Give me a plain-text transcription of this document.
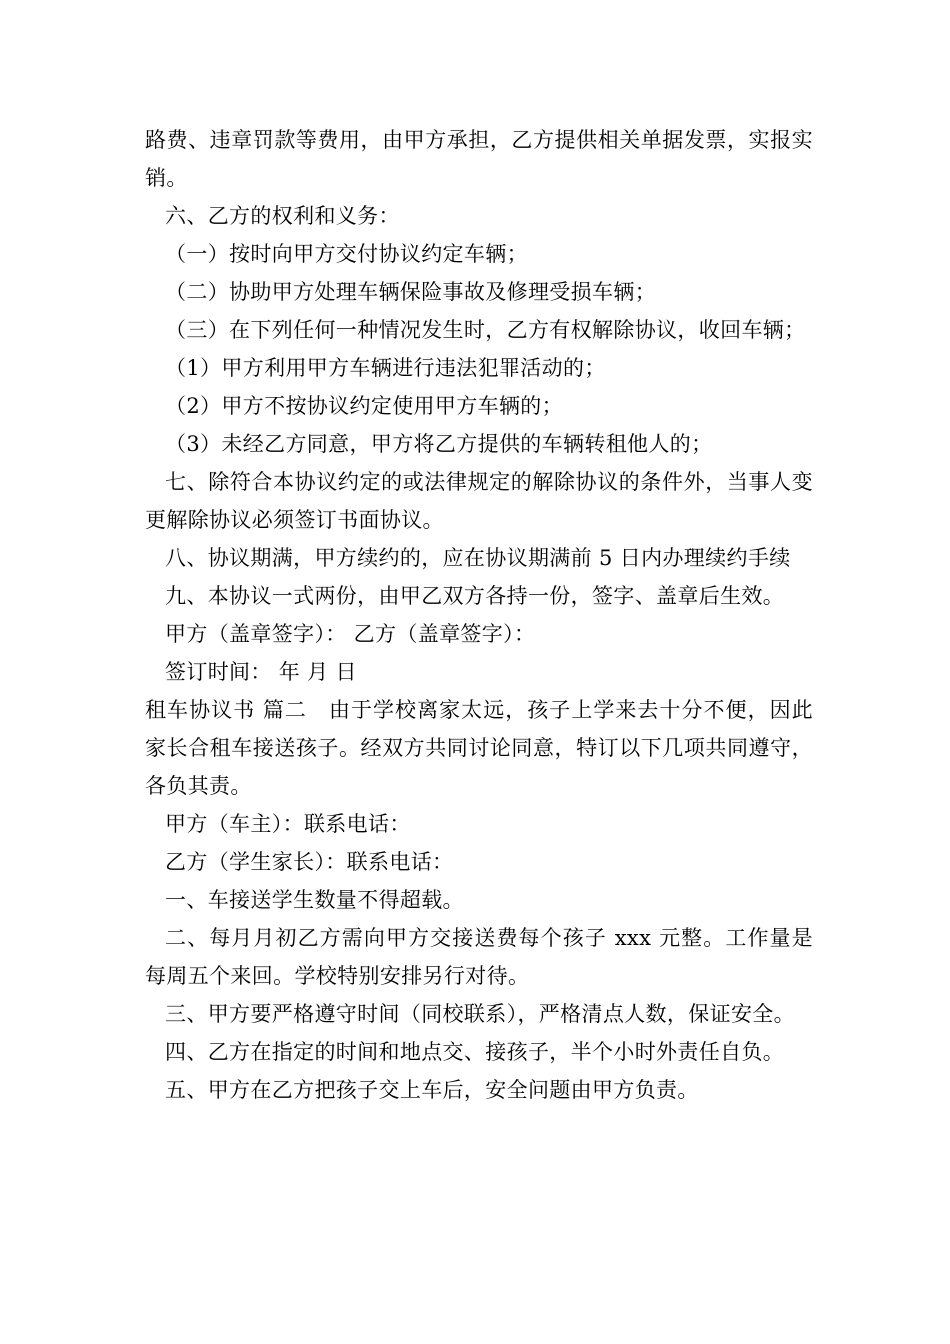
路费、违章罚款等费用，由甲方承担，乙方提供相关单据发票，实报实销。

六、乙方的权利和义务：

（一）按时向甲方交付协议约定车辆；

（二）协助甲方处理车辆保险事故及修理受损车辆；

（三）在下列任何一种情况发生时，乙方有权解除协议，收回车辆；

（1）甲方利用甲方车辆进行违法犯罪活动的；

（2）甲方不按协议约定使用甲方车辆的；

（3）未经乙方同意，甲方将乙方提供的车辆转租他人的；

七、除符合本协议约定的或法律规定的解除协议的条件外，当事人变更解除协议必须签订书面协议。

八、协议期满，甲方续约的，应在协议期满前 5 日内办理续约手续

九、本协议一式两份，由甲乙双方各持一份，签字、盖章后生效。

甲方（盖章签字）： 乙方（盖章签字）：

签订时间： 年 月 日

租车协议书 篇二　由于学校离家太远，孩子上学来去十分不便，因此家长合租车接送孩子。经双方共同讨论同意，特订以下几项共同遵守，各负其责。

甲方（车主）：联系电话：

乙方（学生家长）：联系电话：

一、车接送学生数量不得超载。

二、每月月初乙方需向甲方交接送费每个孩子 xxx 元整。工作量是每周五个来回。学校特别安排另行对待。

三、甲方要严格遵守时间（同校联系），严格清点人数，保证安全。

四、乙方在指定的时间和地点交、接孩子，半个小时外责任自负。

五、甲方在乙方把孩子交上车后，安全问题由甲方负责。
